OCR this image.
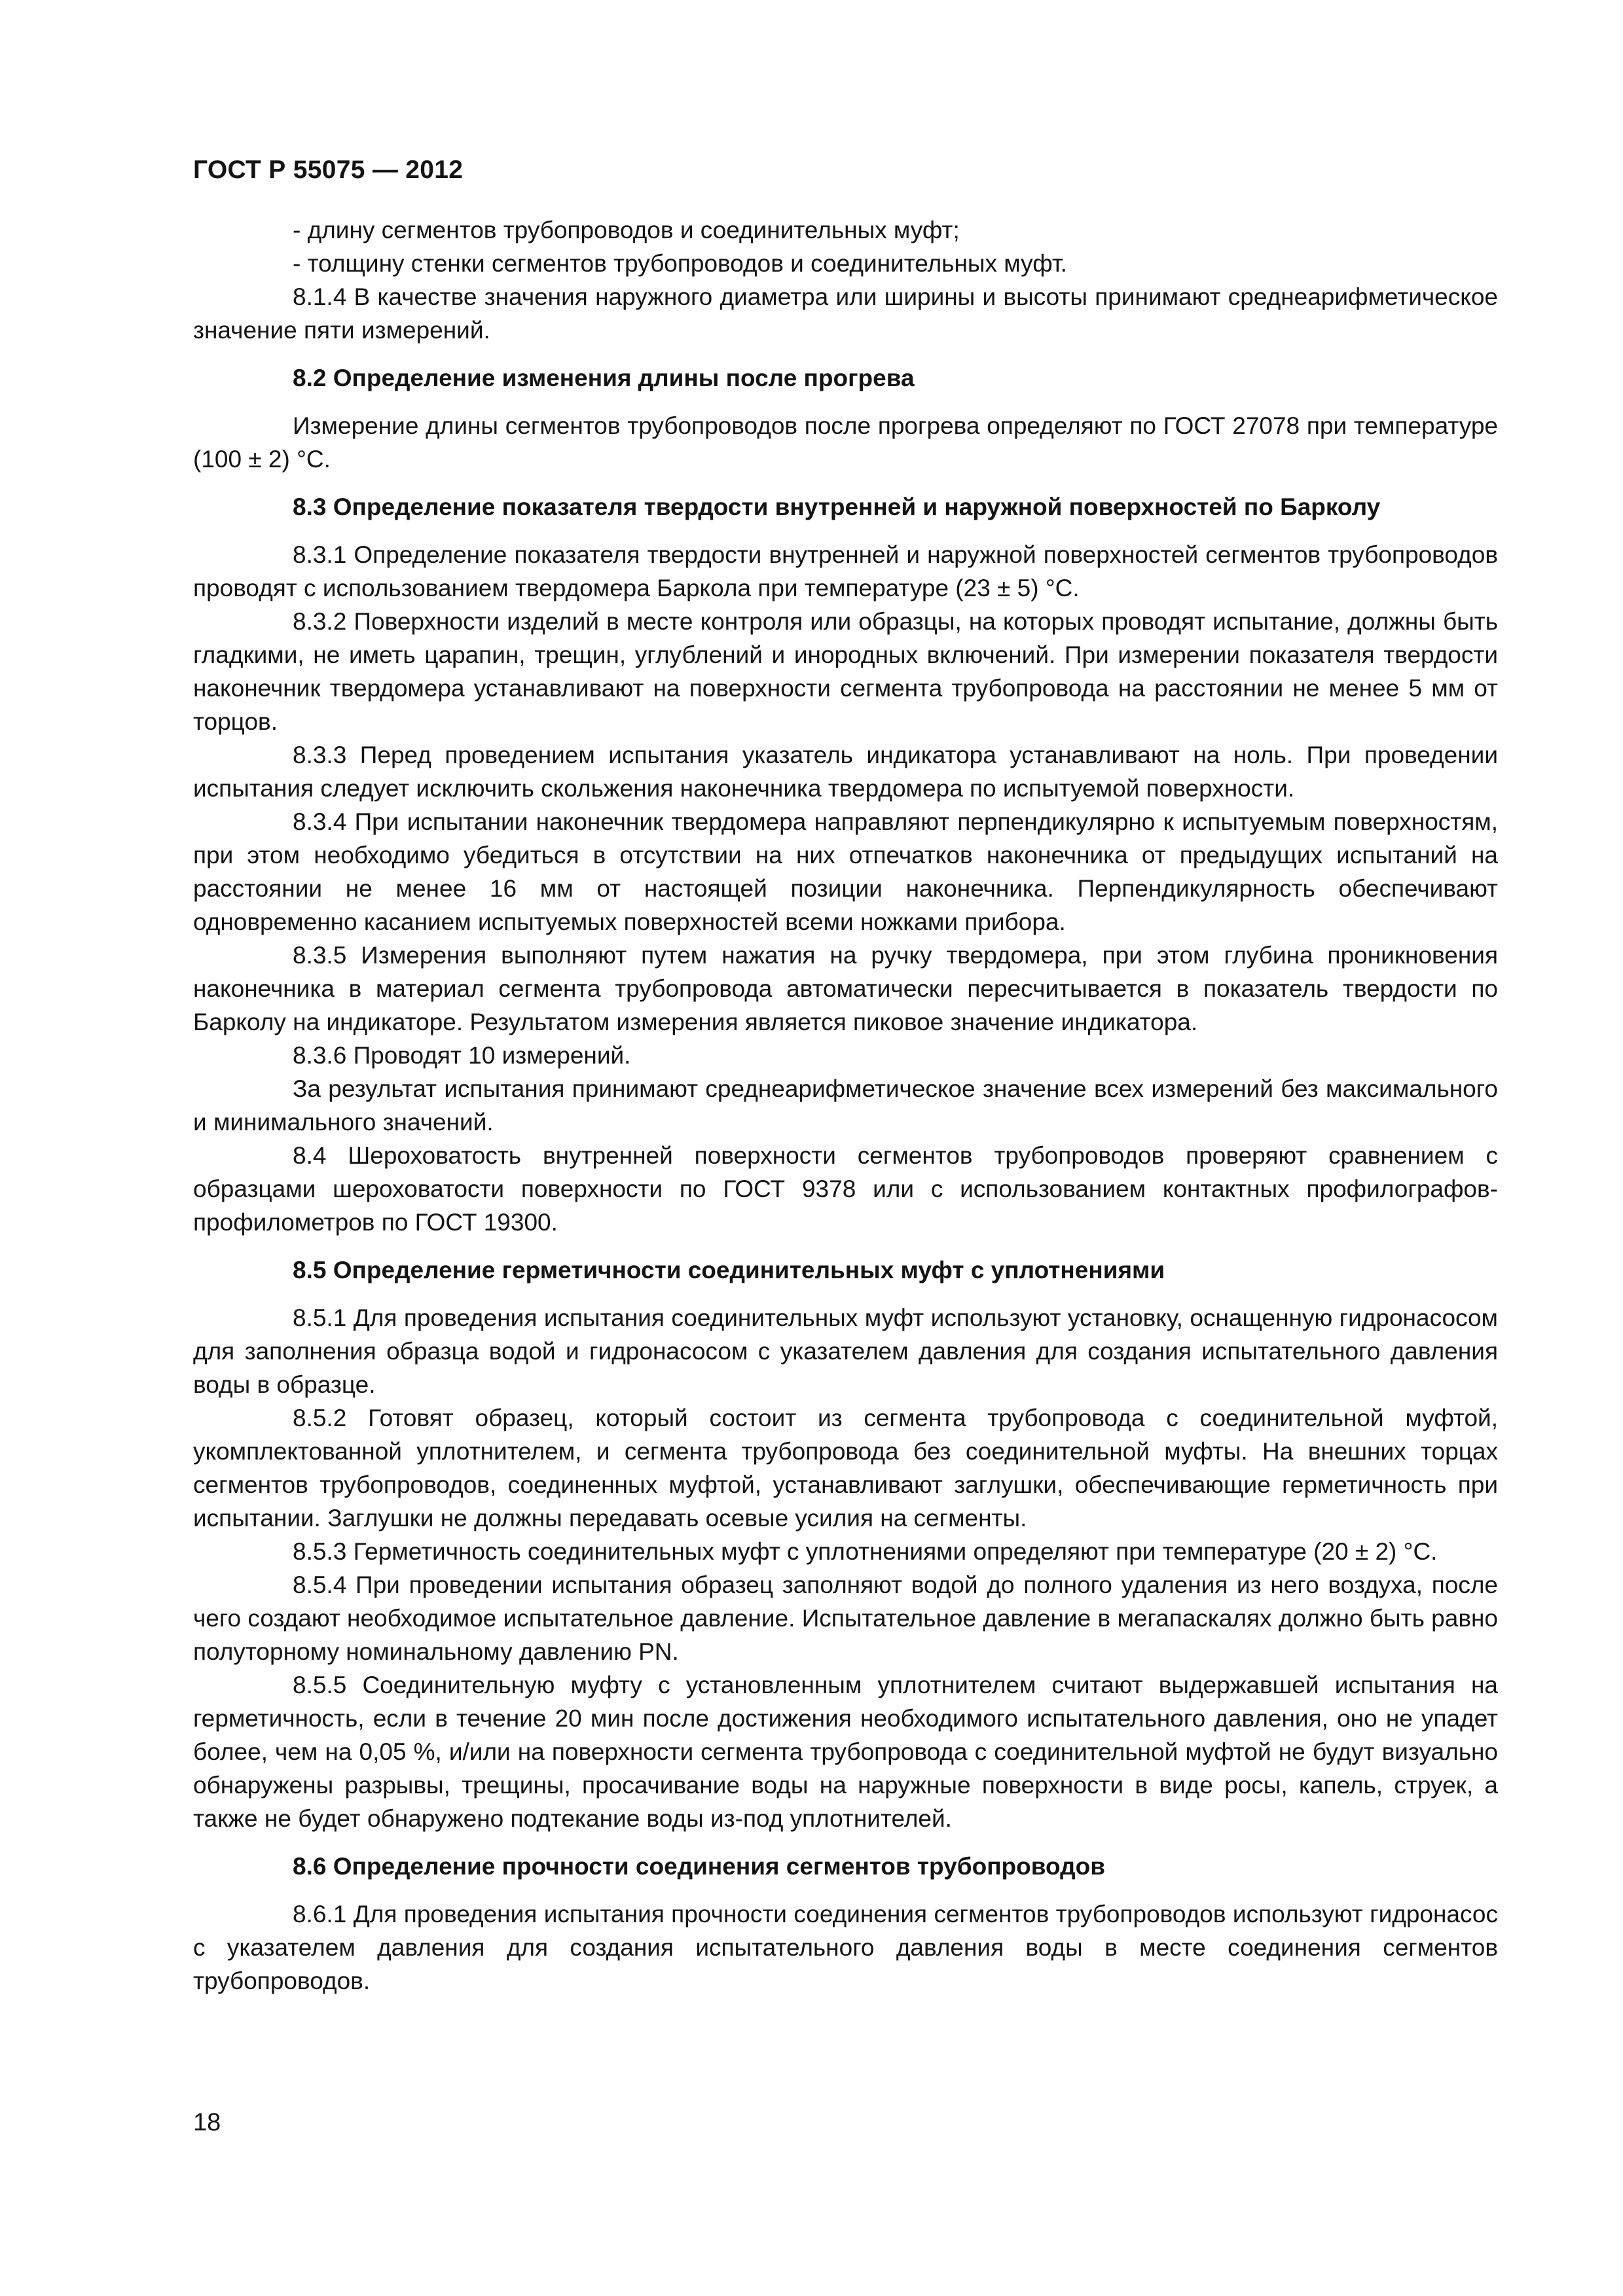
ГОСТ Р 55075 — 2012

- длину сегментов трубопроводов и соединительных муфт;

- толщину стенки сегментов трубопроводов и соединительных муфт.

8.1.4 В качестве значения наружного диаметра или ширины и высоты принимают среднеарифметическое значение пяти измерений.

8.2 Определение изменения длины после прогрева

Измерение длины сегментов трубопроводов после прогрева определяют по ГОСТ 27078 при температуре (100 ± 2) °С.

8.3 Определение показателя твердости внутренней и наружной поверхностей по Барколу

8.3.1 Определение показателя твердости внутренней и наружной поверхностей сегментов трубопроводов проводят с использованием твердомера Баркола при температуре (23 ± 5) °С.

8.3.2 Поверхности изделий в месте контроля или образцы, на которых проводят испытание, должны быть гладкими, не иметь царапин, трещин, углублений и инородных включений. При измерении показателя твердости наконечник твердомера устанавливают на поверхности сегмента трубопровода на расстоянии не менее 5 мм от торцов.

8.3.3 Перед проведением испытания указатель индикатора устанавливают на ноль. При проведении испытания следует исключить скольжения наконечника твердомера по испытуемой поверхности.

8.3.4 При испытании наконечник твердомера направляют перпендикулярно к испытуемым поверхностям, при этом необходимо убедиться в отсутствии на них отпечатков наконечника от предыдущих испытаний на расстоянии не менее 16 мм от настоящей позиции наконечника. Перпендикулярность обеспечивают одновременно касанием испытуемых поверхностей всеми ножками прибора.

8.3.5 Измерения выполняют путем нажатия на ручку твердомера, при этом глубина проникновения наконечника в материал сегмента трубопровода автоматически пересчитывается в показатель твердости по Барколу на индикаторе. Результатом измерения является пиковое значение индикатора.

8.3.6 Проводят 10 измерений.

За результат испытания принимают среднеарифметическое значение всех измерений без максимального и минимального значений.

8.4 Шероховатость внутренней поверхности сегментов трубопроводов проверяют сравнением с образцами шероховатости поверхности по ГОСТ 9378 или с использованием контактных профилографов-профилометров по ГОСТ 19300.

8.5 Определение герметичности соединительных муфт с уплотнениями

8.5.1 Для проведения испытания соединительных муфт используют установку, оснащенную гидронасосом для заполнения образца водой и гидронасосом с указателем давления для создания испытательного давления воды в образце.

8.5.2 Готовят образец, который состоит из сегмента трубопровода с соединительной муфтой, укомплектованной уплотнителем, и сегмента трубопровода без соединительной муфты. На внешних торцах сегментов трубопроводов, соединенных муфтой, устанавливают заглушки, обеспечивающие герметичность при испытании. Заглушки не должны передавать осевые усилия на сегменты.

8.5.3 Герметичность соединительных муфт с уплотнениями определяют при температуре (20 ± 2) °С.

8.5.4 При проведении испытания образец заполняют водой до полного удаления из него воздуха, после чего создают необходимое испытательное давление. Испытательное давление в мегапаскалях должно быть равно полуторному номинальному давлению PN.

8.5.5 Соединительную муфту с установленным уплотнителем считают выдержавшей испытания на герметичность, если в течение 20 мин после достижения необходимого испытательного давления, оно не упадет более, чем на 0,05 %, и/или на поверхности сегмента трубопровода с соединительной муфтой не будут визуально обнаружены разрывы, трещины, просачивание воды на наружные поверхности в виде росы, капель, струек, а также не будет обнаружено подтекание воды из-под уплотнителей.

8.6 Определение прочности соединения сегментов трубопроводов

8.6.1 Для проведения испытания прочности соединения сегментов трубопроводов используют гидронасос с указателем давления для создания испытательного давления воды в месте соединения сегментов трубопроводов.

18
